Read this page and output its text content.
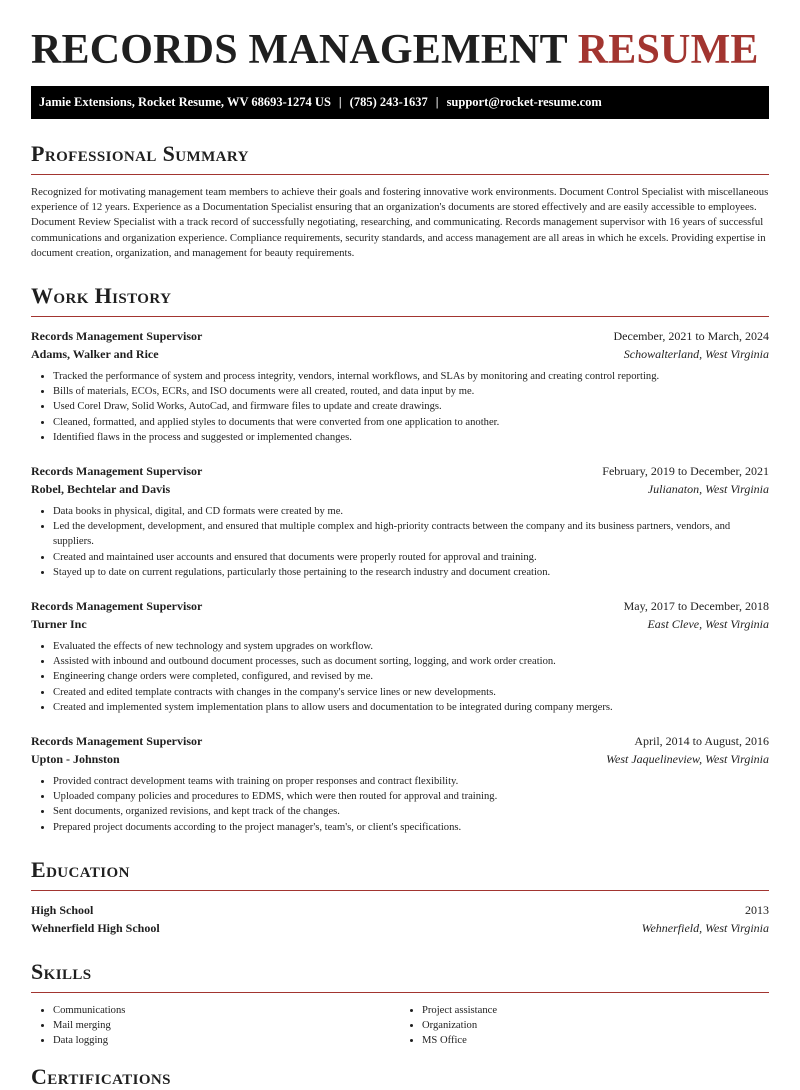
RECORDS MANAGEMENT RESUME
Jamie Extensions, Rocket Resume, WV 68693-1274 US | (785) 243-1637 | support@rocket-resume.com
Professional Summary

Recognized for motivating management team members to achieve their goals and fostering innovative work environments. Document Control Specialist with miscellaneous experience of 12 years. Experience as a Documentation Specialist ensuring that an organization's documents are stored effectively and are easily accessible to employees. Document Review Specialist with a track record of successfully negotiating, researching, and communicating. Records management supervisor with 16 years of successful communications and organization experience. Compliance requirements, security standards, and access management are all areas in which he excels. Providing expertise in document creation, organization, and management for beauty requirements.

Work History
Records Management Supervisor	December, 2021 to March, 2024
Adams, Walker and Rice	Schowalterland, West Virginia
• Tracked the performance of system and process integrity, vendors, internal workflows, and SLAs by monitoring and creating control reporting.
• Bills of materials, ECOs, ECRs, and ISO documents were all created, routed, and data input by me.
• Used Corel Draw, Solid Works, AutoCad, and firmware files to update and create drawings.
• Cleaned, formatted, and applied styles to documents that were converted from one application to another.
• Identified flaws in the process and suggested or implemented changes.
Records Management Supervisor	February, 2019 to December, 2021
Robel, Bechtelar and Davis	Julianaton, West Virginia
• Data books in physical, digital, and CD formats were created by me.
• Led the development, development, and ensured that multiple complex and high-priority contracts between the company and its business partners, vendors, and suppliers.
• Created and maintained user accounts and ensured that documents were properly routed for approval and training.
• Stayed up to date on current regulations, particularly those pertaining to the research industry and document creation.
Records Management Supervisor	May, 2017 to December, 2018
Turner Inc	East Cleve, West Virginia
• Evaluated the effects of new technology and system upgrades on workflow.
• Assisted with inbound and outbound document processes, such as document sorting, logging, and work order creation.
• Engineering change orders were completed, configured, and revised by me.
• Created and edited template contracts with changes in the company's service lines or new developments.
• Created and implemented system implementation plans to allow users and documentation to be integrated during company mergers.
Records Management Supervisor	April, 2014 to August, 2016
Upton - Johnston	West Jaquelineview, West Virginia
• Provided contract development teams with training on proper responses and contract flexibility.
• Uploaded company policies and procedures to EDMS, which were then routed for approval and training.
• Sent documents, organized revisions, and kept track of the changes.
• Prepared project documents according to the project manager's, team's, or client's specifications.
Education
High School	2013
Wehnerfield High School	Wehnerfield, West Virginia
Skills
• Communications
• Mail merging
• Data logging
• Project assistance
• Organization
• MS Office
Certifications
